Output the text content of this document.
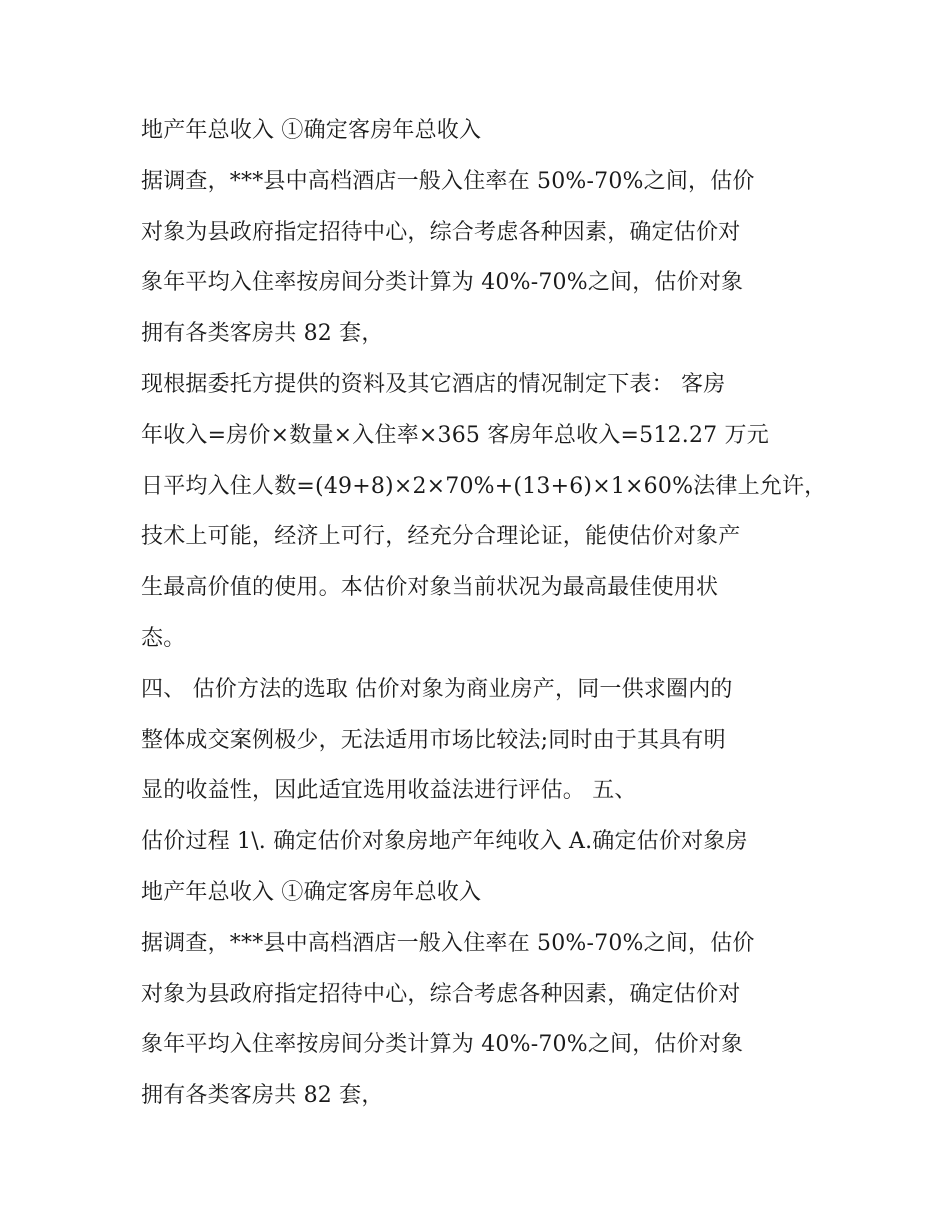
地产年总收入 ①确定客房年总收入
据调查，***县中高档酒店一般入住率在 50%-70%之间，估价
对象为县政府指定招待中心，综合考虑各种因素，确定估价对
象年平均入住率按房间分类计算为 40%-70%之间，估价对象
拥有各类客房共 82 套，
现根据委托方提供的资料及其它酒店的情况制定下表： 客房
年收入=房价×数量×入住率×365 客房年总收入=512.27 万元
日平均入住人数=(49+8)×2×70%+(13+6)×1×60%法律上允许，
技术上可能，经济上可行，经充分合理论证，能使估价对象产
生最高价值的使用。本估价对象当前状况为最高最佳使用状
态。
四、 估价方法的选取 估价对象为商业房产，同一供求圈内的
整体成交案例极少，无法适用市场比较法;同时由于其具有明
显的收益性，因此适宜选用收益法进行评估。 五、
估价过程 1\. 确定估价对象房地产年纯收入 A.确定估价对象房
地产年总收入 ①确定客房年总收入
据调查，***县中高档酒店一般入住率在 50%-70%之间，估价
对象为县政府指定招待中心，综合考虑各种因素，确定估价对
象年平均入住率按房间分类计算为 40%-70%之间，估价对象
拥有各类客房共 82 套，
